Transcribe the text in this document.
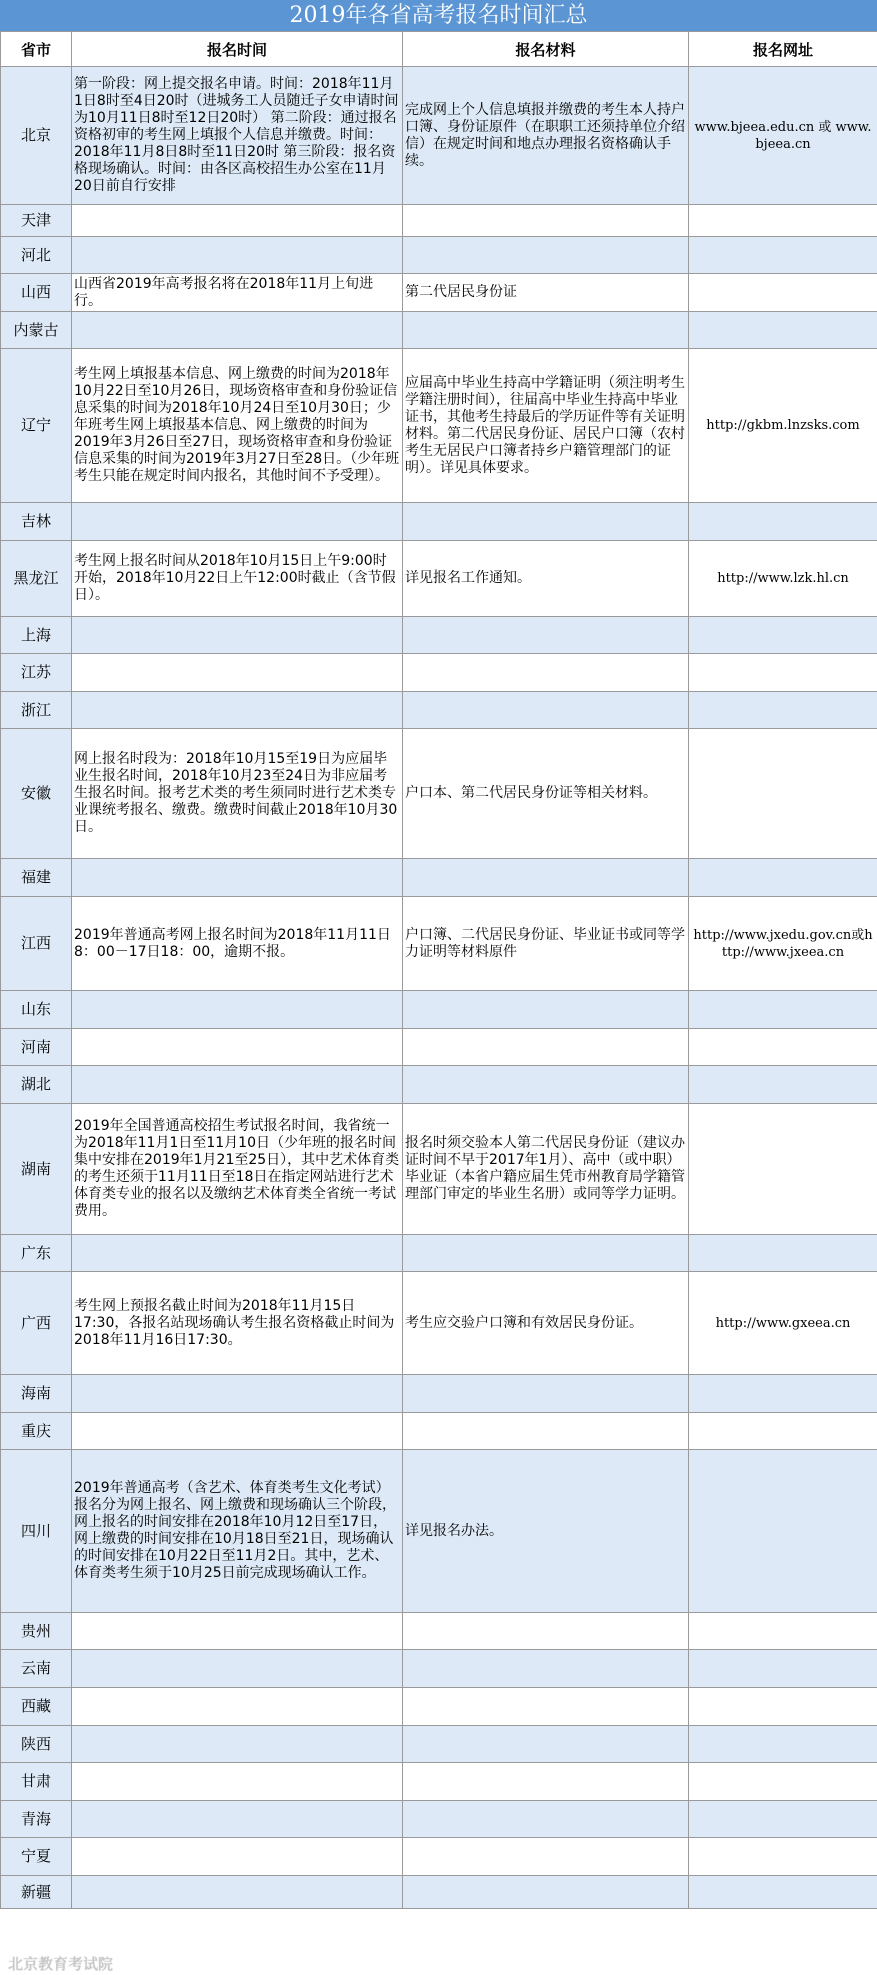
2019年各省高考报名时间汇总
省市	报名时间	报名材料	报名网址
北京	第一阶段：网上提交报名申请。时间：2018年11月1日8时至4日20时（进城务工人员随迁子女申请时间为10月11日8时至12日20时） 第二阶段：通过报名资格初审的考生网上填报个人信息并缴费。时间：2018年11月8日8时至11日20时 第三阶段：报名资格现场确认。时间：由各区高校招生办公室在11月20日前自行安排	完成网上个人信息填报并缴费的考生本人持户口簿、身份证原件（在职职工还须持单位介绍信）在规定时间和地点办理报名资格确认手续。	www.bjeea.edu.cn 或 www.bjeea.cn
天津			
河北			
山西	山西省2019年高考报名将在2018年11月上旬进行。	第二代居民身份证	
内蒙古			
辽宁	考生网上填报基本信息、网上缴费的时间为2018年10月22日至10月26日，现场资格审查和身份验证信息采集的时间为2018年10月24日至10月30日；少年班考生网上填报基本信息、网上缴费的时间为2019年3月26日至27日，现场资格审查和身份验证信息采集的时间为2019年3月27日至28日。（少年班考生只能在规定时间内报名，其他时间不予受理）。	应届高中毕业生持高中学籍证明（须注明考生学籍注册时间），往届高中毕业生持高中毕业证书，其他考生持最后的学历证件等有关证明材料。第二代居民身份证、居民户口簿（农村考生无居民户口簿者持乡户籍管理部门的证明）。详见具体要求。	http://gkbm.lnzsks.com
吉林			
黑龙江	考生网上报名时间从2018年10月15日上午9:00时开始，2018年10月22日上午12:00时截止（含节假日）。	详见报名工作通知。	http://www.lzk.hl.cn
上海			
江苏			
浙江			
安徽	网上报名时段为：2018年10月15至19日为应届毕业生报名时间，2018年10月23至24日为非应届考生报名时间。报考艺术类的考生须同时进行艺术类专业课统考报名、缴费。缴费时间截止2018年10月30日。	户口本、第二代居民身份证等相关材料。	
福建			
江西	2019年普通高考网上报名时间为2018年11月11日8：00－17日18：00，逾期不报。	户口簿、二代居民身份证、毕业证书或同等学力证明等材料原件	http://www.jxedu.gov.cn或http://www.jxeea.cn
山东			
河南			
湖北			
湖南	2019年全国普通高校招生考试报名时间，我省统一为2018年11月1日至11月10日（少年班的报名时间集中安排在2019年1月21至25日），其中艺术体育类的考生还须于11月11日至18日在指定网站进行艺术体育类专业的报名以及缴纳艺术体育类全省统一考试费用。	报名时须交验本人第二代居民身份证（建议办证时间不早于2017年1月）、高中（或中职）毕业证（本省户籍应届生凭市州教育局学籍管理部门审定的毕业生名册）或同等学力证明。	
广东			
广西	考生网上预报名截止时间为2018年11月15日17:30，各报名站现场确认考生报名资格截止时间为2018年11月16日17:30。	考生应交验户口簿和有效居民身份证。	http://www.gxeea.cn
海南			
重庆			
四川	2019年普通高考（含艺术、体育类考生文化考试）报名分为网上报名、网上缴费和现场确认三个阶段，网上报名的时间安排在2018年10月12日至17日，网上缴费的时间安排在10月18日至21日，现场确认的时间安排在10月22日至11月2日。其中，艺术、体育类考生须于10月25日前完成现场确认工作。	详见报名办法。	
贵州			
云南			
西藏			
陕西			
甘肃			
青海			
宁夏			
新疆			
北京教育考试院
